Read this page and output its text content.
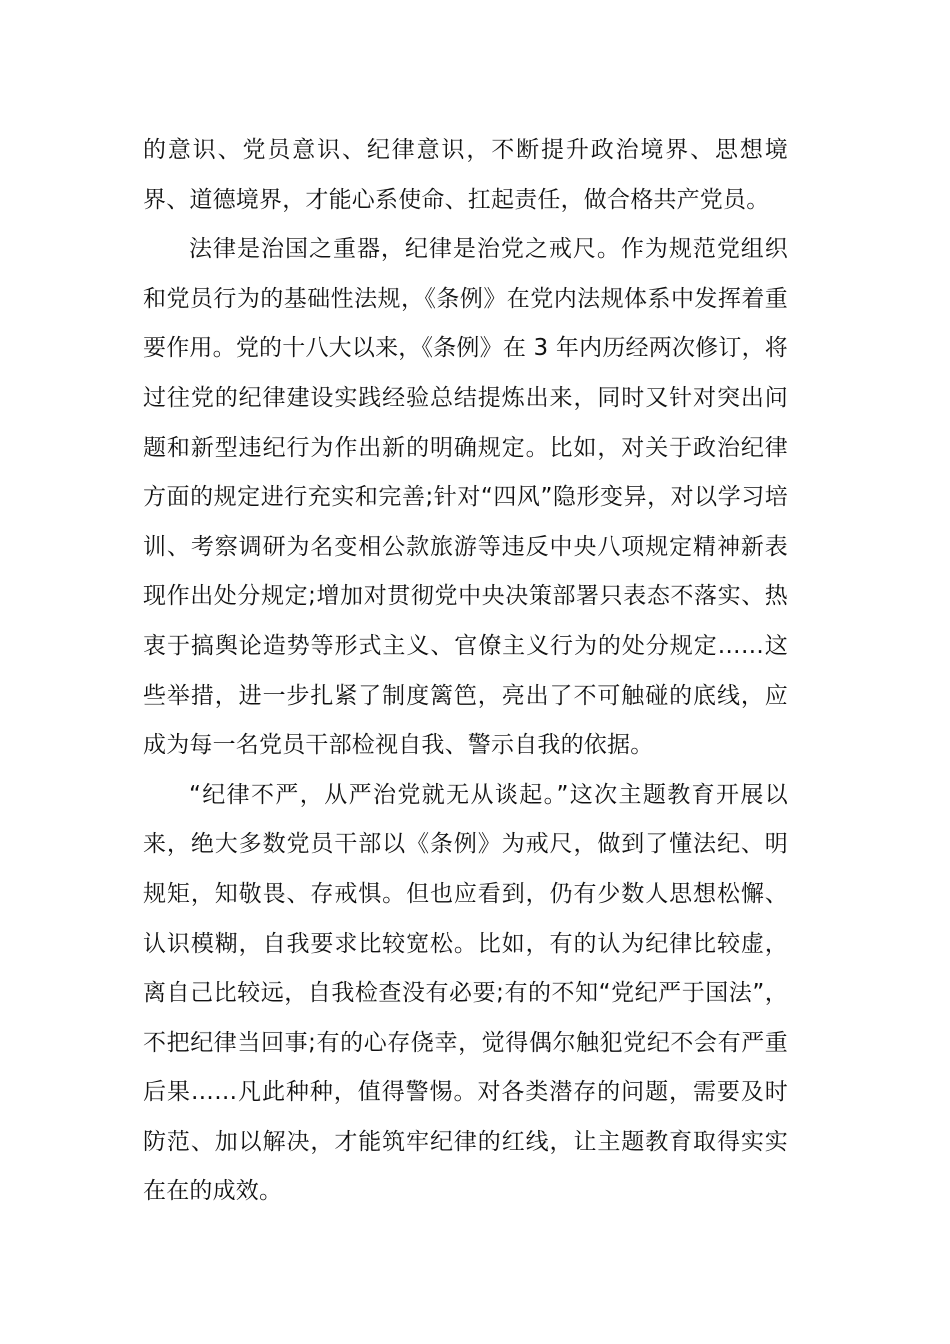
的意识、党员意识、纪律意识，不断提升政治境界、思想境界、道德境界，才能心系使命、扛起责任，做合格共产党员。

法律是治国之重器，纪律是治党之戒尺。作为规范党组织和党员行为的基础性法规，《条例》在党内法规体系中发挥着重要作用。党的十八大以来，《条例》在 3 年内历经两次修订，将过往党的纪律建设实践经验总结提炼出来，同时又针对突出问题和新型违纪行为作出新的明确规定。比如，对关于政治纪律方面的规定进行充实和完善;针对“四风”隐形变异，对以学习培训、考察调研为名变相公款旅游等违反中央八项规定精神新表现作出处分规定;增加对贯彻党中央决策部署只表态不落实、热衷于搞舆论造势等形式主义、官僚主义行为的处分规定……这些举措，进一步扎紧了制度篱笆，亮出了不可触碰的底线，应成为每一名党员干部检视自我、警示自我的依据。

“纪律不严，从严治党就无从谈起。”这次主题教育开展以来，绝大多数党员干部以《条例》为戒尺，做到了懂法纪、明规矩，知敬畏、存戒惧。但也应看到，仍有少数人思想松懈、认识模糊，自我要求比较宽松。比如，有的认为纪律比较虚，离自己比较远，自我检查没有必要;有的不知“党纪严于国法”，不把纪律当回事;有的心存侥幸，觉得偶尔触犯党纪不会有严重后果……凡此种种，值得警惕。对各类潜存的问题，需要及时防范、加以解决，才能筑牢纪律的红线，让主题教育取得实实在在的成效。
